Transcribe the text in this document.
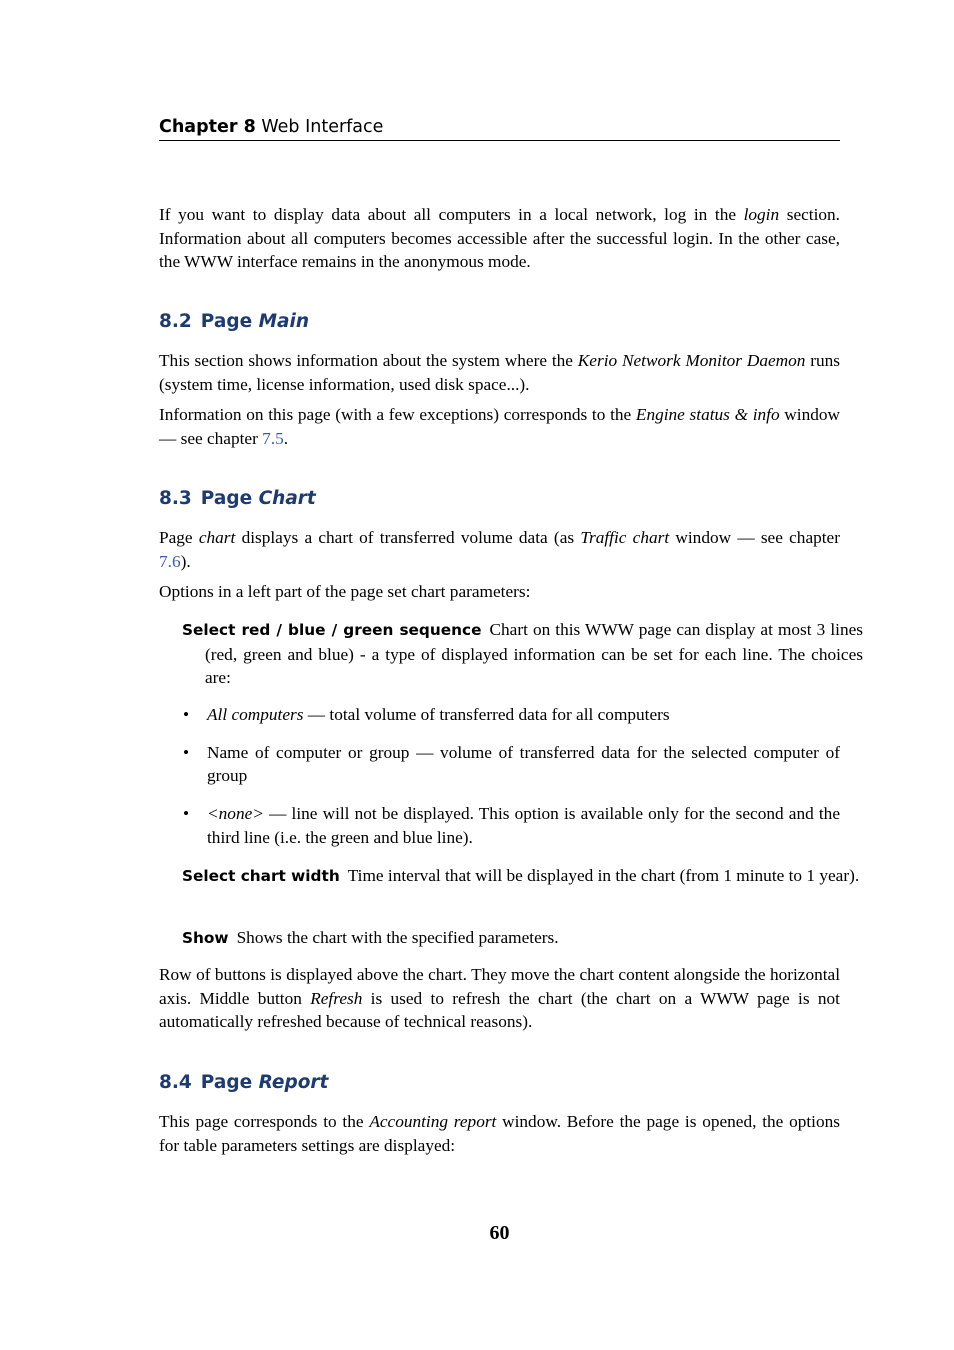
Chapter 8 Web Interface

If you want to display data about all computers in a local network, log in the login section. Information about all computers becomes accessible after the successful login. In the other case, the WWW interface remains in the anonymous mode.

8.2 Page Main

This section shows information about the system where the Kerio Network Monitor Daemon runs (system time, license information, used disk space...).

Information on this page (with a few exceptions) corresponds to the Engine status & info window — see chapter 7.5.

8.3 Page Chart

Page chart displays a chart of transferred volume data (as Traffic chart window — see chapter 7.6).

Options in a left part of the page set chart parameters:

Select red / blue / green sequence Chart on this WWW page can display at most 3 lines (red, green and blue) - a type of displayed information can be set for each line. The choices are:

• All computers — total volume of transferred data for all computers
• Name of computer or group — volume of transferred data for the selected computer of group
• <none> — line will not be displayed. This option is available only for the second and the third line (i.e. the green and blue line).

Select chart width Time interval that will be displayed in the chart (from 1 minute to 1 year).

Show Shows the chart with the specified parameters.

Row of buttons is displayed above the chart. They move the chart content alongside the horizontal axis. Middle button Refresh is used to refresh the chart (the chart on a WWW page is not automatically refreshed because of technical reasons).

8.4 Page Report

This page corresponds to the Accounting report window. Before the page is opened, the options for table parameters settings are displayed:

60
